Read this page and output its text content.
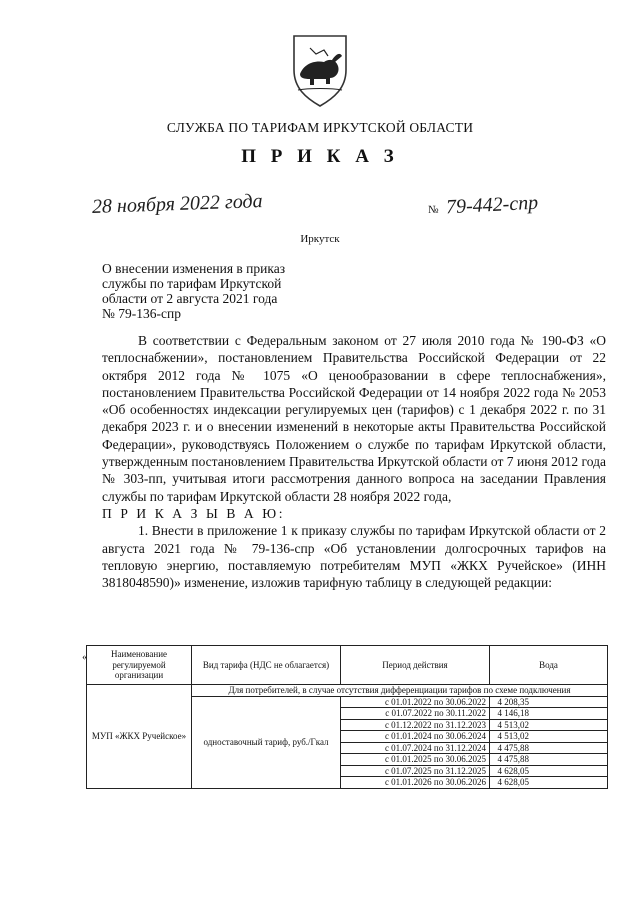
СЛУЖБА ПО ТАРИФАМ ИРКУТСКОЙ ОБЛАСТИ
П Р И К А З
28 ноября 2022 года	№ 79-442-спр
Иркутск
О внесении изменения в приказ
службы по тарифам Иркутской
области от 2 августа 2021 года
№ 79-136-спр

В соответствии с Федеральным законом от 27 июля 2010 года № 190-ФЗ «О теплоснабжении», постановлением Правительства Российской Федерации от 22 октября 2012 года № 1075 «О ценообразовании в сфере теплоснабжения», постановлением Правительства Российской Федерации от 14 ноября 2022 года № 2053 «Об особенностях индексации регулируемых цен (тарифов) с 1 декабря 2022 г. по 31 декабря 2023 г. и о внесении изменений в некоторые акты Правительства Российской Федерации», руководствуясь Положением о службе по тарифам Иркутской области, утвержденным постановлением Правительства Иркутской области от 7 июня 2012 года № 303-пп, учитывая итоги рассмотрения данного вопроса на заседании Правления службы по тарифам Иркутской области 28 ноября 2022 года,

П Р И К А З Ы В А Ю:

1. Внести в приложение 1 к приказу службы по тарифам Иркутской области от 2 августа 2021 года № 79-136-спр «Об установлении долгосрочных тарифов на тепловую энергию, поставляемую потребителям МУП «ЖКХ Ручейское» (ИНН 3818048590)» изменение, изложив тарифную таблицу в следующей редакции:

«	Наименование регулируемой организации	Вид тарифа (НДС не облагается)	Период действия	Вода
МУП «ЖКХ Ручейское»	Для потребителей, в случае отсутствия дифференциации тарифов по схеме подключения		
	одноставочный тариф, руб./Гкал	с 01.01.2022 по 30.06.2022	4 208,35
		с 01.07.2022 по 30.11.2022	4 146,18
		с 01.12.2022 по 31.12.2023	4 513,02
		с 01.01.2024 по 30.06.2024	4 513,02
		с 01.07.2024 по 31.12.2024	4 475,88
		с 01.01.2025 по 30.06.2025	4 475,88
		с 01.07.2025 по 31.12.2025	4 628,05
		с 01.01.2026 по 30.06.2026	4 628,05
